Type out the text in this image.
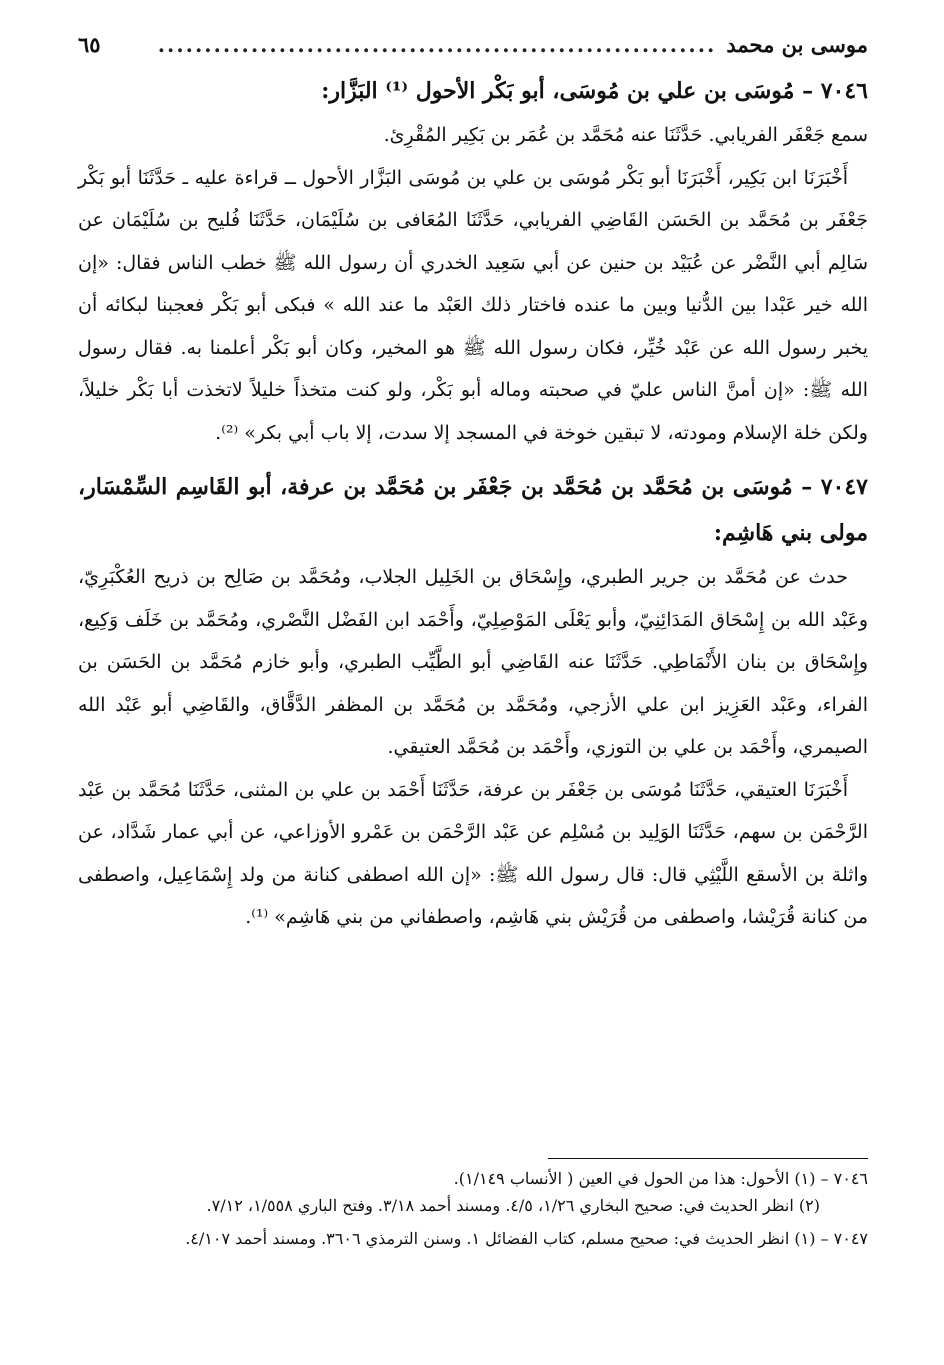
موسى بن محمد
............................................................
٦٥
٧٠٤٦ – مُوسَى بن علي بن مُوسَى، أبو بَكْر الأحول ⁽¹⁾ البَزَّار:

سمع جَعْفَر الفريابي. حَدَّثَنَا عنه مُحَمَّد بن عُمَر بن بَكِير المُقْرِئ.

أَخْبَرَنَا ابن بَكِير، أَخْبَرَنَا أبو بَكْر مُوسَى بن علي بن مُوسَى البَزَّار الأحول ــ قراءة عليه ـ حَدَّثَنَا أبو بَكْر جَعْفَر بن مُحَمَّد بن الحَسَن القَاضِي الفريابي، حَدَّثَنَا المُعَافى بن سُلَيْمَان، حَدَّثَنَا فُليح بن سُلَيْمَان عن سَالِم أبي النَّضْر عن عُبَيْد بن حنين عن أبي سَعِيد الخدري أن رسول الله ﷺ خطب الناس فقال: «إن الله خير عَبْدا بين الدُّنيا وبين ما عنده فاختار ذلك العَبْد ما عند الله » فبكى أبو بَكْر فعجبنا لبكائه أن يخبر رسول الله عن عَبْد خُيِّر، فكان رسول الله ﷺ هو المخير، وكان أبو بَكْر أعلمنا به. فقال رسول الله ﷺ: «إن أمنَّ الناس عليّ في صحبته وماله أبو بَكْر، ولو كنت متخذاً خليلاً لاتخذت أبا بَكْر خليلاً، ولكن خلة الإسلام ومودته، لا تبقين خوخة في المسجد إلا سدت، إلا باب أبي بكر» ⁽²⁾.

٧٠٤٧ – مُوسَى بن مُحَمَّد بن مُحَمَّد بن جَعْفَر بن مُحَمَّد بن عرفة، أبو القَاسِم السِّمْسَار، مولى بني هَاشِم:

حدث عن مُحَمَّد بن جرير الطبري، وإِسْحَاق بن الخَلِيل الجلاب، ومُحَمَّد بن صَالِح بن ذريح العُكْبَرِيّ، وعَبْد الله بن إِسْحَاق المَدَائِنِيّ، وأبو يَعْلَى المَوْصِلِيّ، وأَحْمَد ابن الفَضْل النَّصْري، ومُحَمَّد بن خَلَف وَكِيع، وإِسْحَاق بن بنان الأَنْمَاطِي. حَدَّثَنَا عنه القَاضِي أبو الطَّيِّب الطبري، وأبو خازم مُحَمَّد بن الحَسَن بن الفراء، وعَبْد العَزِيز ابن علي الأزجي، ومُحَمَّد بن مُحَمَّد بن المظفر الدَّقَّاق، والقَاضِي أبو عَبْد الله الصيمري، وأَحْمَد بن علي بن التوزي، وأَحْمَد بن مُحَمَّد العتيقي.

أَخْبَرَنَا العتيقي، حَدَّثَنَا مُوسَى بن جَعْفَر بن عرفة، حَدَّثَنَا أَحْمَد بن علي بن المثنى، حَدَّثَنَا مُحَمَّد بن عَبْد الرَّحْمَن بن سهم، حَدَّثَنَا الوَلِيد بن مُسْلِم عن عَبْد الرَّحْمَن بن عَمْرو الأوزاعي، عن أبي عمار شَدَّاد، عن واثلة بن الأسقع اللَّيْثِي قال: قال رسول الله ﷺ: «إن الله اصطفى كنانة من ولد إِسْمَاعِيل، واصطفى من كنانة قُرَيْشا، واصطفى من قُرَيْش بني هَاشِم، واصطفاني من بني هَاشِم» ⁽¹⁾.

٧٠٤٦ – (١) الأحول: هذا من الحول في العين ( الأنساب ١/١٤٩).

(٢) انظر الحديث في: صحيح البخاري ١/٢٦، ٤/٥. ومسند أحمد ٣/١٨. وفتح الباري ١/٥٥٨، ٧/١٢.

٧٠٤٧ – (١) انظر الحديث في: صحيح مسلم، كتاب الفضائل ١. وسنن الترمذي ٣٦٠٦. ومسند أحمد ٤/١٠٧.
